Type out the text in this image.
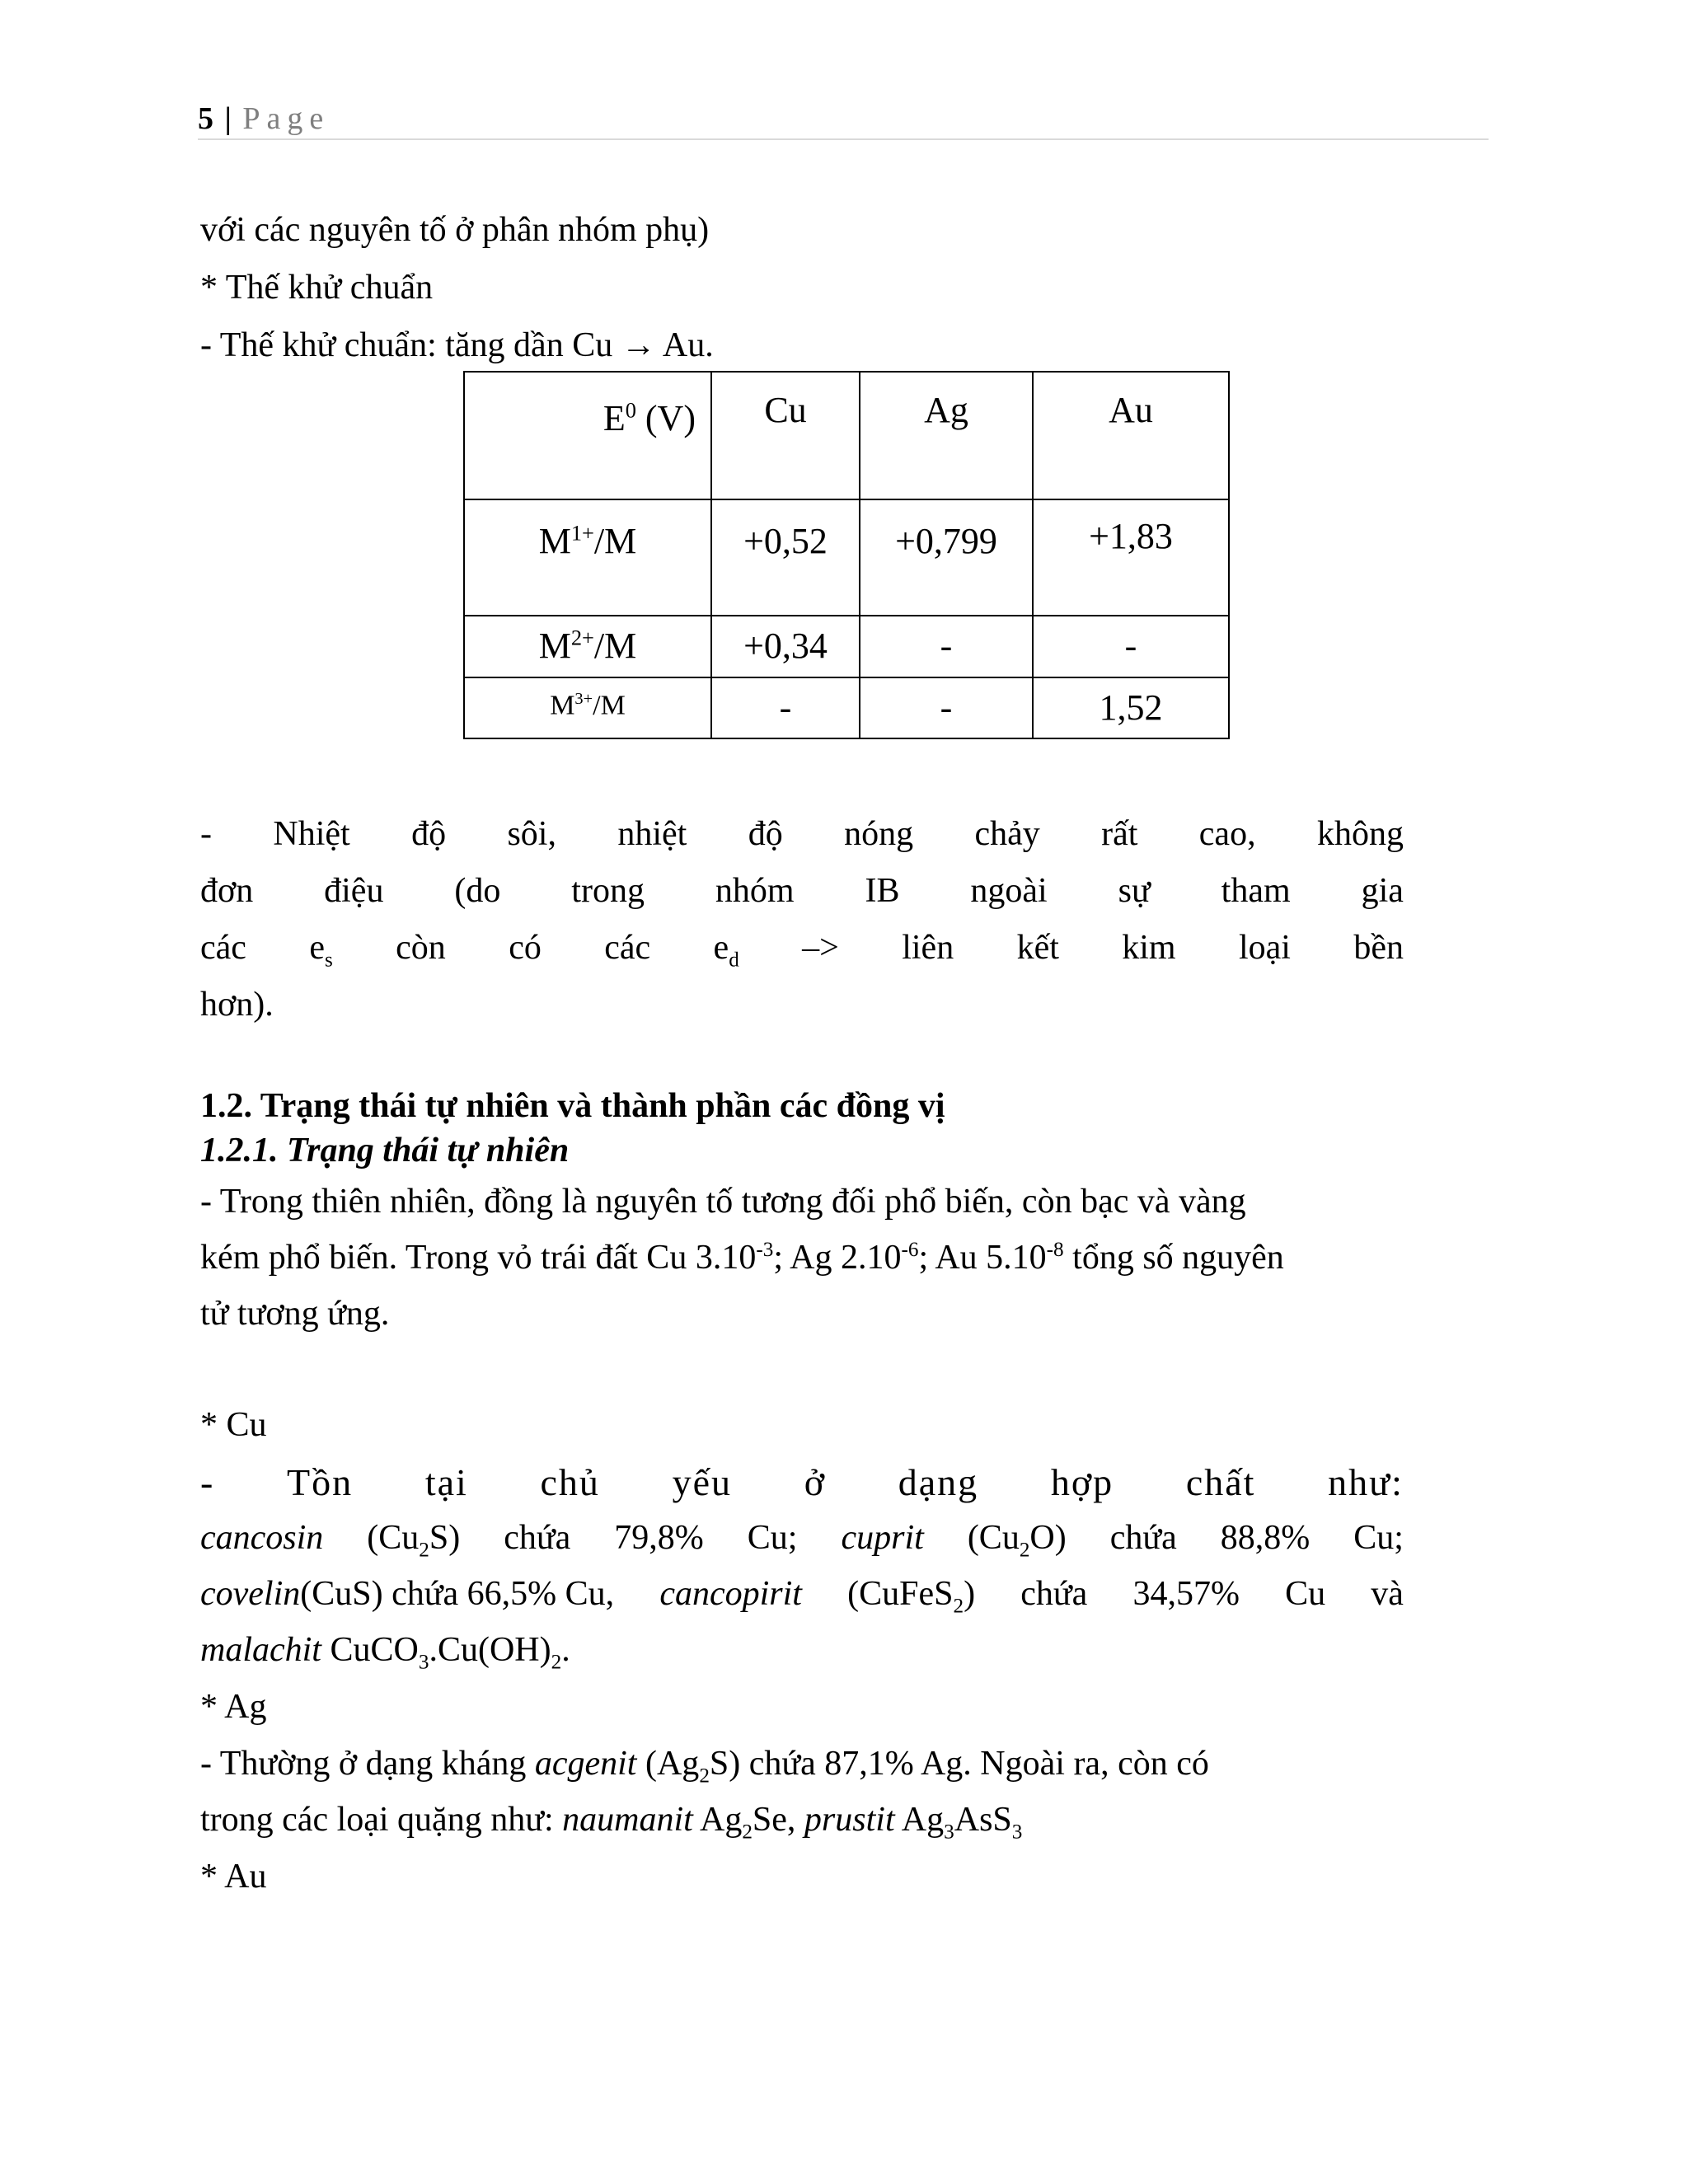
5 | Page
với các nguyên tố ở phân nhóm phụ)
* Thế khử chuẩn
- Thế khử chuẩn: tăng dần Cu → Au.
$E^0$ (V)	Cu	Ag	Au

$M^{1+}/M$	+0,52	+0,799	+1,83

$M^{2+}/M$	+0,34	-	-

$M^{3+}/M$	-	-	1,52
- Nhiệt độ sôi, nhiệt độ nóng chảy rất cao, không
đơn điệu (do trong nhóm IB ngoài sự tham gia
các $e_s$ còn có các $e_d$ –> liên kết kim loại bền
hơn).
1.2. Trạng thái tự nhiên và thành phần các đồng vị
1.2.1. Trạng thái tự nhiên
- Trong thiên nhiên, đồng là nguyên tố tương đối phổ biến, còn bạc và vàng
kém phổ biến. Trong vỏ trái đất Cu $3.10^{-3}$; Ag $2.10^{-6}$; Au $5.10^{-8}$ tổng số nguyên
tử tương ứng.
* Cu
- Tồn tại chủ yếu ở dạng hợp chất như:
cancosin $(Cu_2S)$ chứa 79,8% Cu; cuprit $(Cu_2O)$ chứa 88,8% Cu;
covelin(CuS) chứa 66,5% Cu, cancopirit (CuFeS$_2$) chứa 34,57% Cu và
malachit $CuCO_3.Cu(OH)_2$.
* Ag
- Thường ở dạng kháng acgenit $(Ag_2S)$ chứa 87,1% Ag. Ngoài ra, còn có
trong các loại quặng như: naumanit $Ag_2Se$, prustit $Ag_3AsS_3$
* Au
